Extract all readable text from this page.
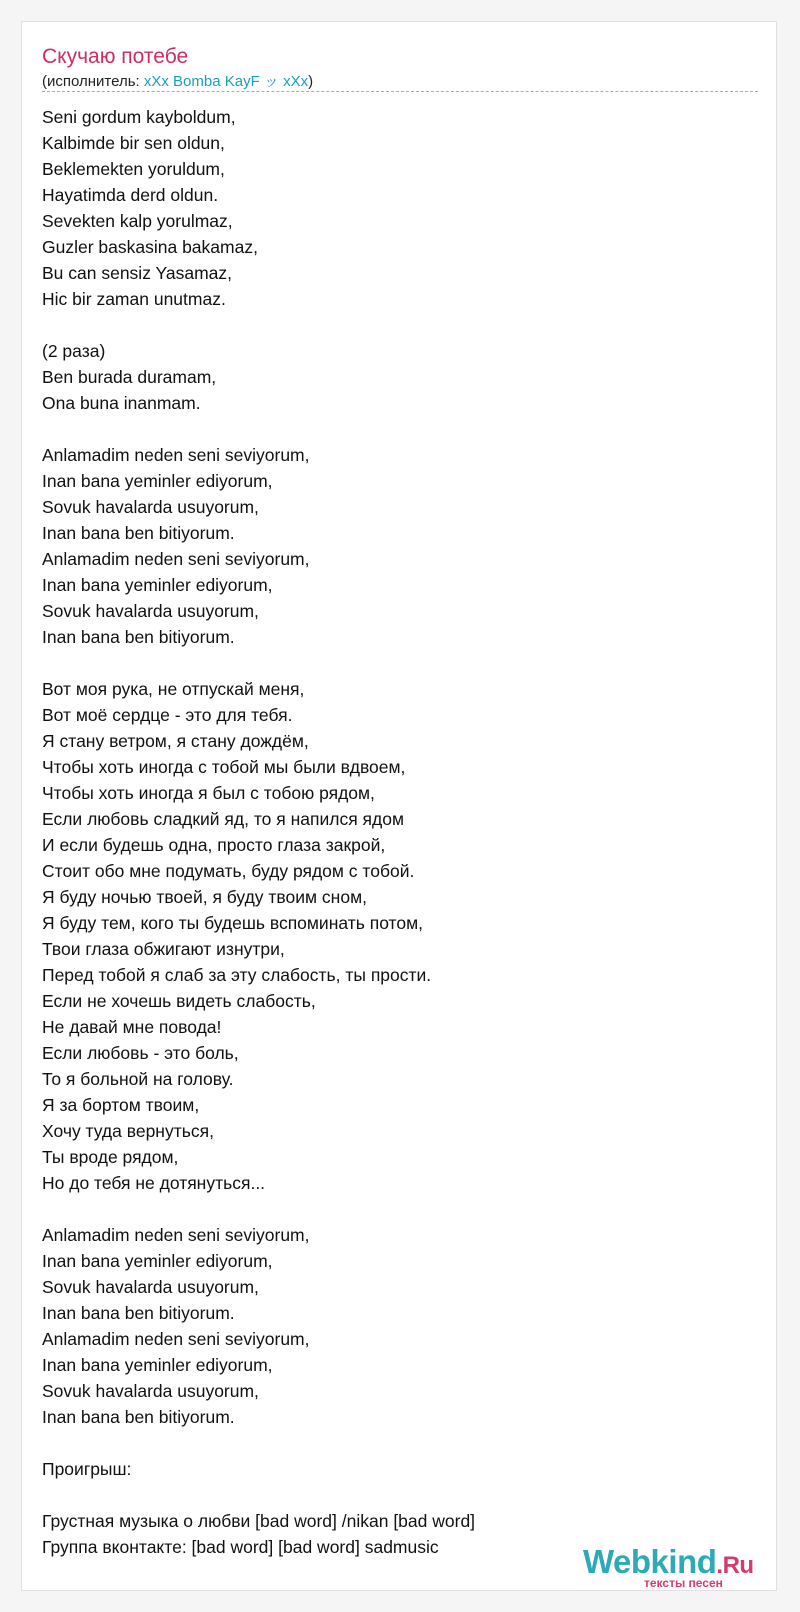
Скучаю потебе
(исполнитель: xХx Bomba KayF ッ xХx)
Seni gordum kayboldum,
Kalbimde bir sen oldun,
Beklemekten yoruldum,
Hayatimda derd oldun.
Sevekten kalp yorulmaz,
Guzler baskasina bakamaz,
Bu can sensiz Yasamaz,
Hic bir zaman unutmaz.
(2 раза)
Ben burada duramam,
Ona buna inanmam.
Anlamadim neden seni seviyorum,
Inan bana yeminler ediyorum,
Sovuk havalarda usuyorum,
Inan bana ben bitiyorum.
Anlamadim neden seni seviyorum,
Inan bana yeminler ediyorum,
Sovuk havalarda usuyorum,
Inan bana ben bitiyorum.
Вот моя рука, не отпускай меня,
Вот моё сердце - это для тебя.
Я стану ветром, я стану дождём,
Чтобы хоть иногда с тобой мы были вдвоем,
Чтобы хоть иногда я был с тобою рядом,
Если любовь сладкий яд, то я напился ядом
И если будешь одна, просто глаза закрой,
Стоит обо мне подумать, буду рядом с тобой.
Я буду ночью твоей, я буду твоим сном,
Я буду тем, кого ты будешь вспоминать потом,
Твои глаза обжигают изнутри,
Перед тобой я слаб за эту слабость, ты прости.
Если не хочешь видеть слабость,
Не давай мне повода!
Если любовь - это боль,
То я больной на голову.
Я за бортом твоим,
Хочу туда вернуться,
Ты вроде рядом,
Но до тебя не дотянуться...
Anlamadim neden seni seviyorum,
Inan bana yeminler ediyorum,
Sovuk havalarda usuyorum,
Inan bana ben bitiyorum.
Anlamadim neden seni seviyorum,
Inan bana yeminler ediyorum,
Sovuk havalarda usuyorum,
Inan bana ben bitiyorum.
Проигрыш:
Грустная музыка о любви [bad word] /nikan [bad word]
Группа вконтакте: [bad word] [bad word] sadmusic	Webkind.Ru
тексты песен
